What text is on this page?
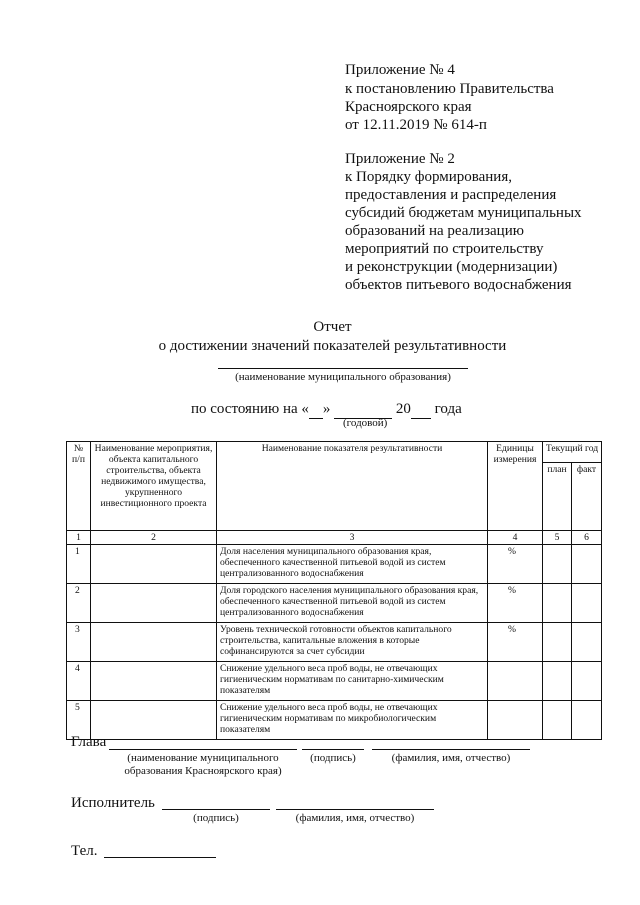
Приложение № 4
к постановлению Правительства
Красноярского края
от 12.11.2019 № 614-п
Приложение № 2
к Порядку формирования,
предоставления и распределения
субсидий бюджетам муниципальных
образований на реализацию
мероприятий по строительству
и реконструкции (модернизации)
объектов питьевого водоснабжения
Отчет
о достижении значений показателей результативности
(наименование муниципального образования)
по состоянию на « »	20 года
(годовой)
№ п/п	Наименование мероприятия, объекта капитального строительства, объекта недвижимого имущества, укрупненного инвестиционного проекта	Наименование показателя результативности	Единицы измерения	Текущий год	
				план	факт
1	2	3	4	5	6
1		Доля населения муниципального образования края, обеспеченного качественной питьевой водой из систем централизованного водоснабжения	%		
2		Доля городского населения муниципального образования края, обеспеченного качественной питьевой водой из систем централизованного водоснабжения	%		
3		Уровень технической готовности объектов капитального строительства, капитальные вложения в которые софинансируются за счет субсидии	%		
4		Снижение удельного веса проб воды, не отвечающих гигиеническим нормативам по санитарно-химическим показателям			
5		Снижение удельного веса проб воды, не отвечающих гигиеническим нормативам по микробиологическим показателям			
Глава
(наименование муниципального
образования Красноярского края)
(подпись)	(фамилия, имя, отчество)
Исполнитель
(подпись)	(фамилия, имя, отчество)
Тел.
